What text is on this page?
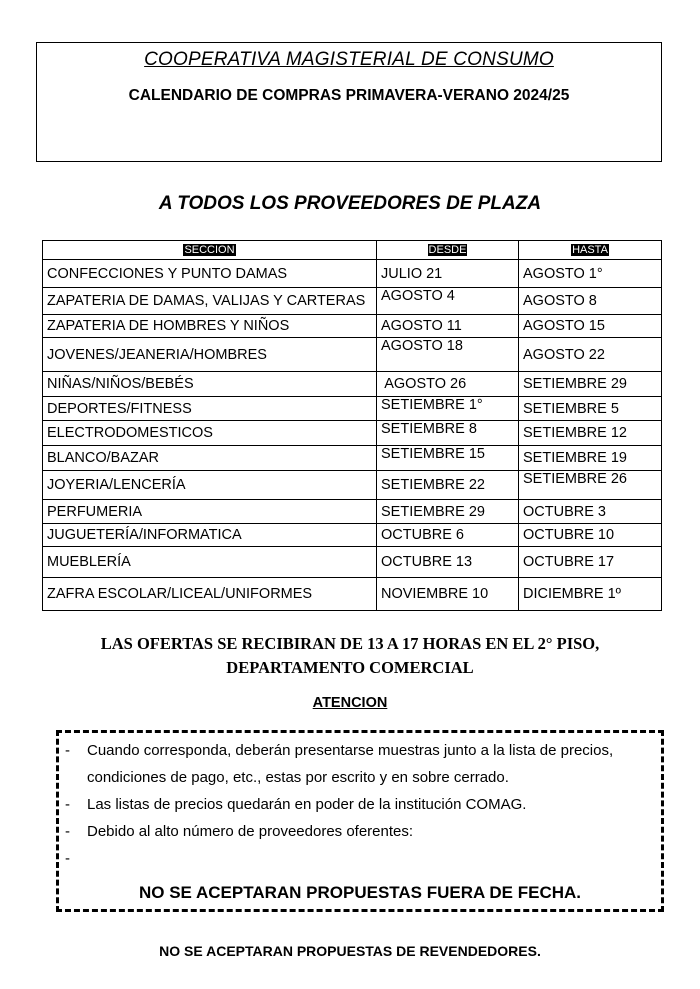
COOPERATIVA MAGISTERIAL DE CONSUMO
CALENDARIO DE COMPRAS PRIMAVERA-VERANO 2024/25
A TODOS LOS PROVEEDORES DE PLAZA
SECCION	DESDE	HASTA
CONFECCIONES Y PUNTO DAMAS	JULIO 21	AGOSTO 1°
ZAPATERIA DE DAMAS, VALIJAS Y CARTERAS	AGOSTO 4	AGOSTO 8
ZAPATERIA DE HOMBRES Y NIÑOS	AGOSTO 11	AGOSTO 15
JOVENES/JEANERIA/HOMBRES	AGOSTO 18	AGOSTO 22
NIÑAS/NIÑOS/BEBÉS	AGOSTO 26	SETIEMBRE 29
DEPORTES/FITNESS	SETIEMBRE 1°	SETIEMBRE 5
ELECTRODOMESTICOS	SETIEMBRE 8	SETIEMBRE 12
BLANCO/BAZAR	SETIEMBRE 15	SETIEMBRE 19
JOYERIA/LENCERÍA	SETIEMBRE 22	SETIEMBRE 26
PERFUMERIA	SETIEMBRE 29	OCTUBRE 3
JUGUETERÍA/INFORMATICA	OCTUBRE 6	OCTUBRE 10
MUEBLERÍA	OCTUBRE 13	OCTUBRE 17
ZAFRA ESCOLAR/LICEAL/UNIFORMES	NOVIEMBRE 10	DICIEMBRE 1º
LAS OFERTAS SE RECIBIRAN DE 13 A 17 HORAS EN EL 2° PISO,
DEPARTAMENTO COMERCIAL
ATENCION
- Cuando corresponda, deberán presentarse muestras junto a la lista de precios, condiciones de pago, etc., estas por escrito y en sobre cerrado.
- Las listas de precios quedarán en poder de la institución COMAG.
- Debido al alto número de proveedores oferentes:
-
NO SE ACEPTARAN PROPUESTAS FUERA DE FECHA.
NO SE ACEPTARAN PROPUESTAS DE REVENDEDORES.
